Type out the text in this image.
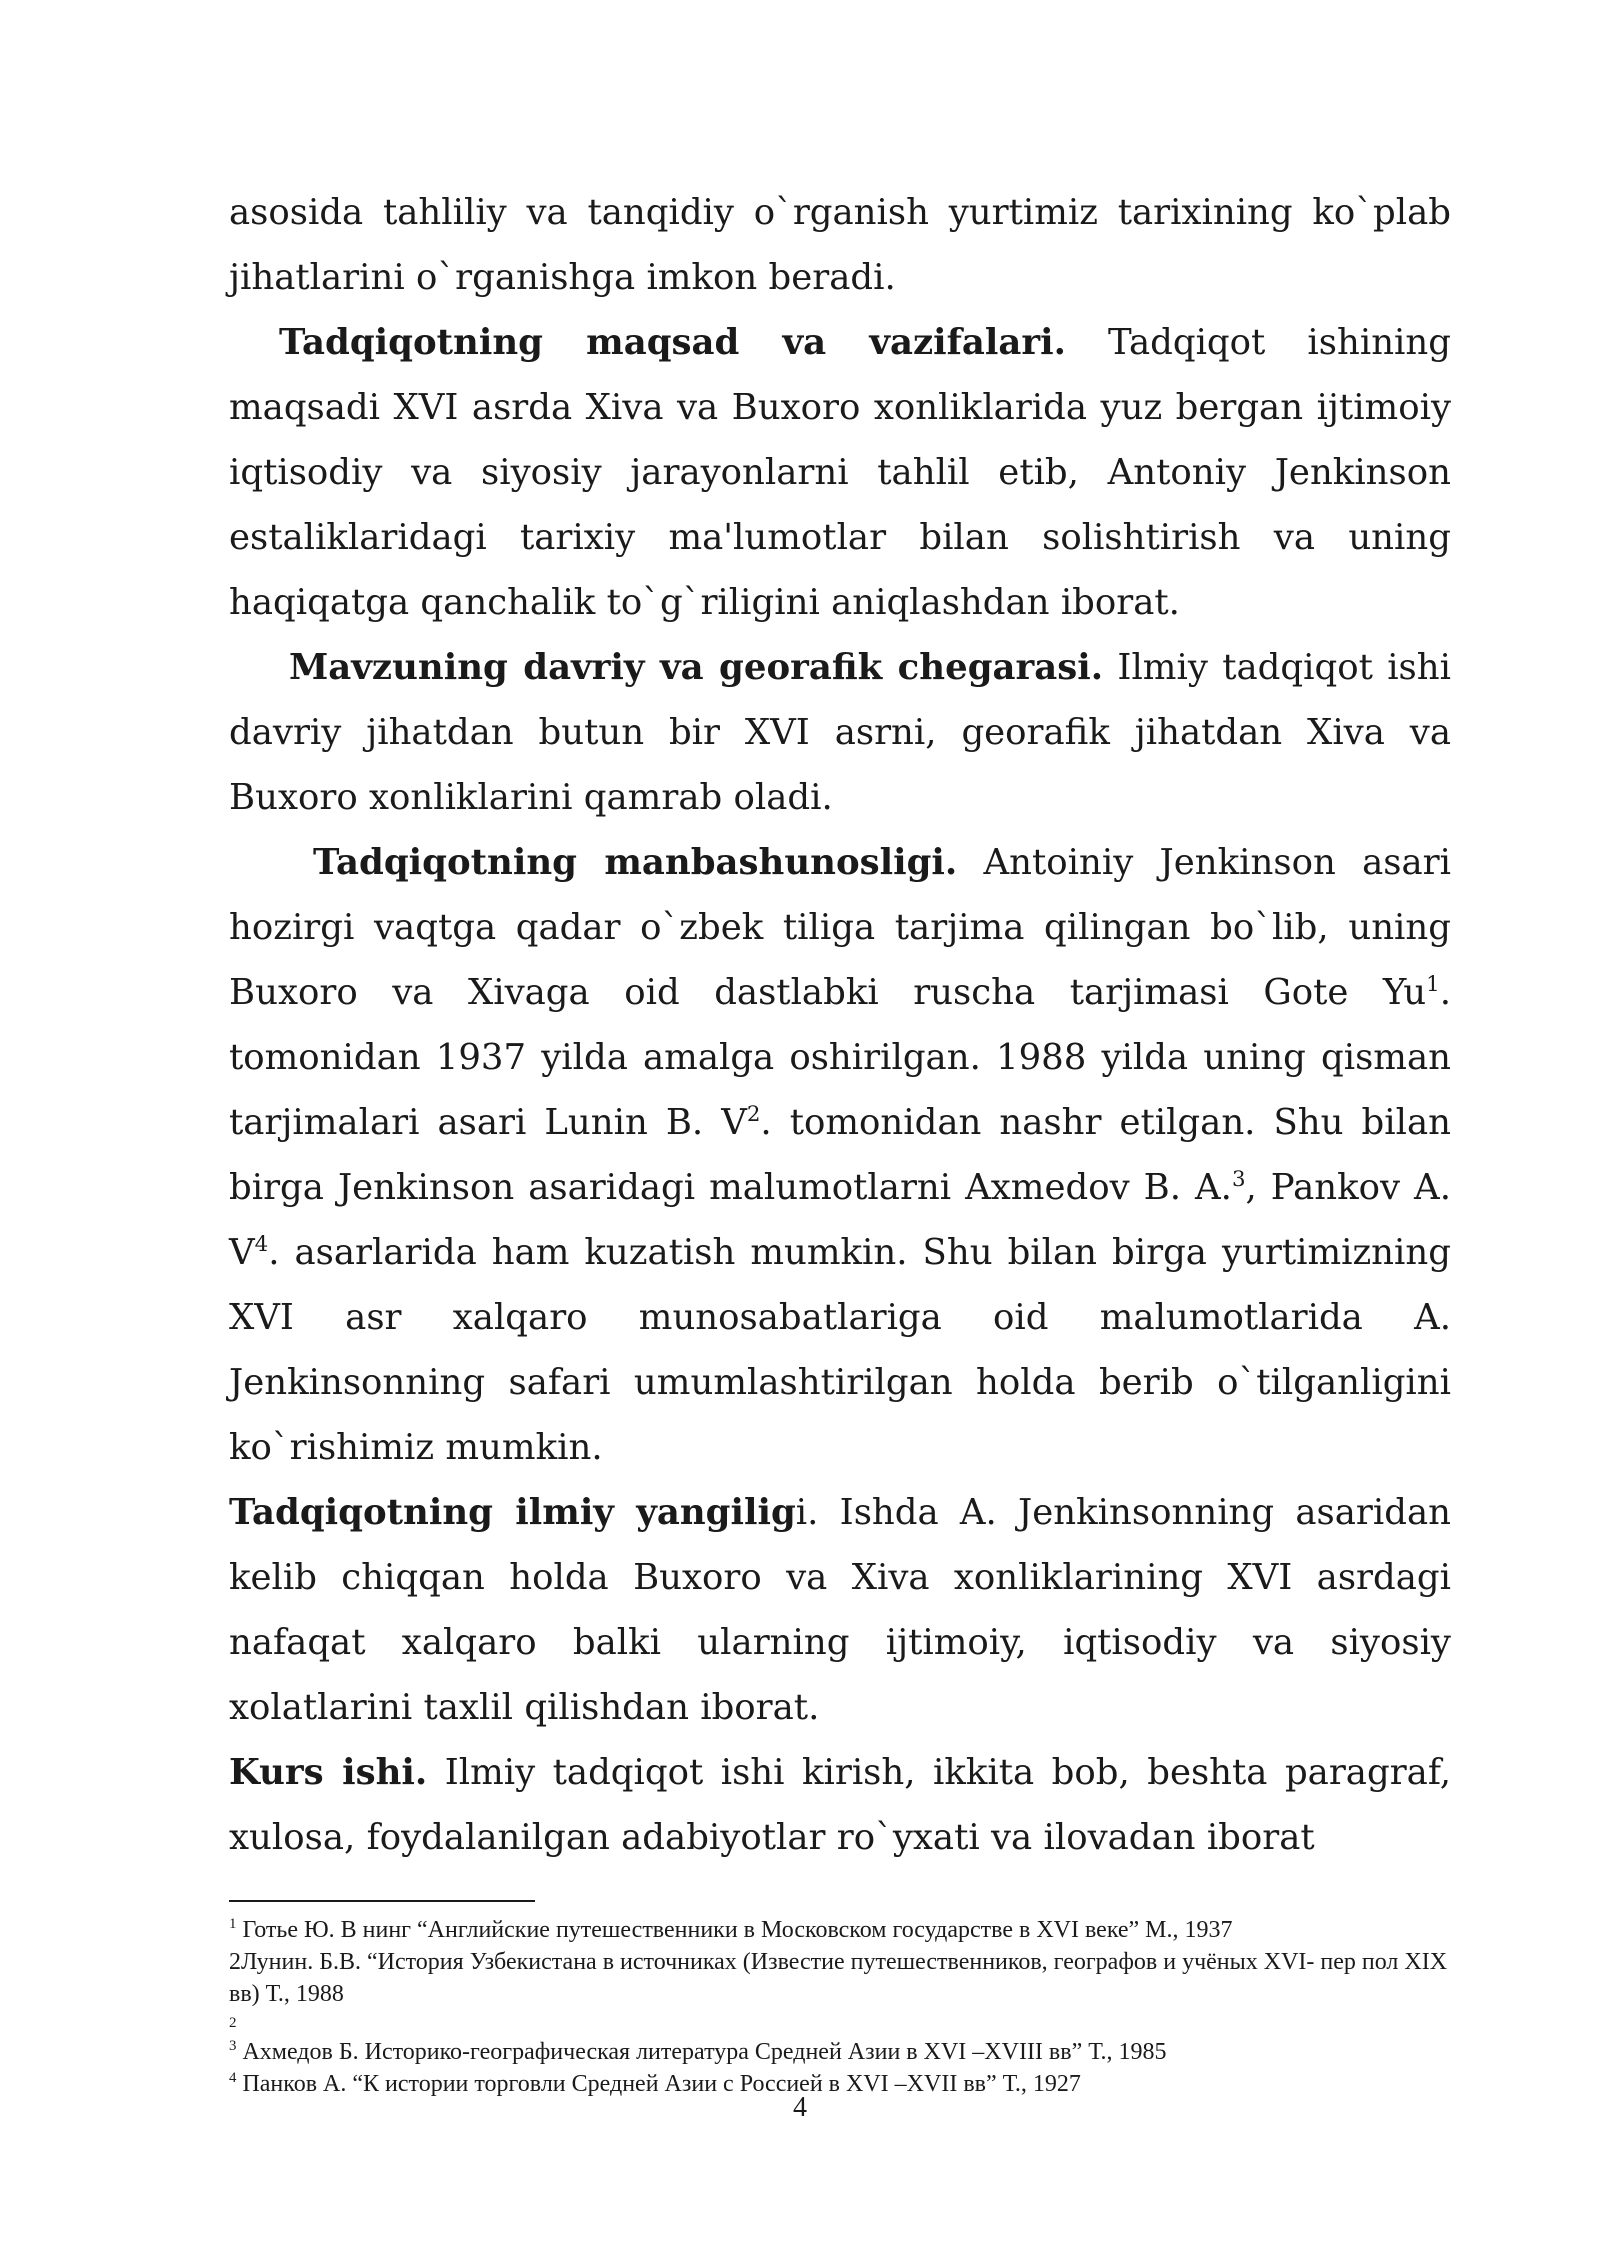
asosida tahliliy va tanqidiy o`rganish yurtimiz tarixining ko`plab jihatlarini o`rganishga imkon beradi.

Tadqiqotning maqsad va vazifalari. Tadqiqot ishining maqsadi XVI asrda Xiva va Buxoro xonliklarida yuz bergan ijtimoiy iqtisodiy va siyosiy jarayonlarni tahlil etib, Antoniy Jenkinson estaliklaridagi tarixiy ma'lumotlar bilan solishtirish va uning haqiqatga qanchalik to`g`riligini aniqlashdan iborat.

Mavzuning davriy va georafik chegarasi. Ilmiy tadqiqot ishi davriy jihatdan butun bir XVI asrni, georafik jihatdan Xiva va Buxoro xonliklarini qamrab oladi.

Tadqiqotning manbashunosligi. Antoiniy Jenkinson asari hozirgi vaqtga qadar o`zbek tiliga tarjima qilingan bo`lib, uning Buxoro va Xivaga oid dastlabki ruscha tarjimasi Gote Yu$^1$. tomonidan 1937 yilda amalga oshirilgan. 1988 yilda uning qisman tarjimalari asari Lunin B. $V^2$. tomonidan nashr etilgan. Shu bilan birga Jenkinson asaridagi malumotlarni Axmedov B. A.$^3$, Pankov A. $V^4$. asarlarida ham kuzatish mumkin. Shu bilan birga yurtimizning XVI asr xalqaro munosabatlariga oid malumotlarida A. Jenkinsonning safari umumlashtirilgan holda berib o`tilganligini ko`rishimiz mumkin.

Tadqiqotning ilmiy yangiligi. Ishda A. Jenkinsonning asaridan kelib chiqqan holda Buxoro va Xiva xonliklarining XVI asrdagi nafaqat xalqaro balki ularning ijtimoiy, iqtisodiy va siyosiy xolatlarini taxlil qilishdan iborat.

Kurs ishi. Ilmiy tadqiqot ishi kirish, ikkita bob, beshta paragraf, xulosa, foydalanilgan adabiyotlar ro`yxati va ilovadan iborat

$^1$ Готье Ю. В нинг “Английские путешественники в Московском государстве в XVI веке” М., 1937

2Лунин. Б.В. “История Узбекистана в источниках (Известие путешественников, географов и учёных XVI- пер пол XIX вв) Т., 1988

2

$^3$ Ахмедов Б. Историко-географическая литература Средней Азии в XVI –XVIII вв” Т., 1985

$^4$ Панков А. “К истории торговли Средней Азии с Россией в XVI –XVII вв” Т., 1927

4
